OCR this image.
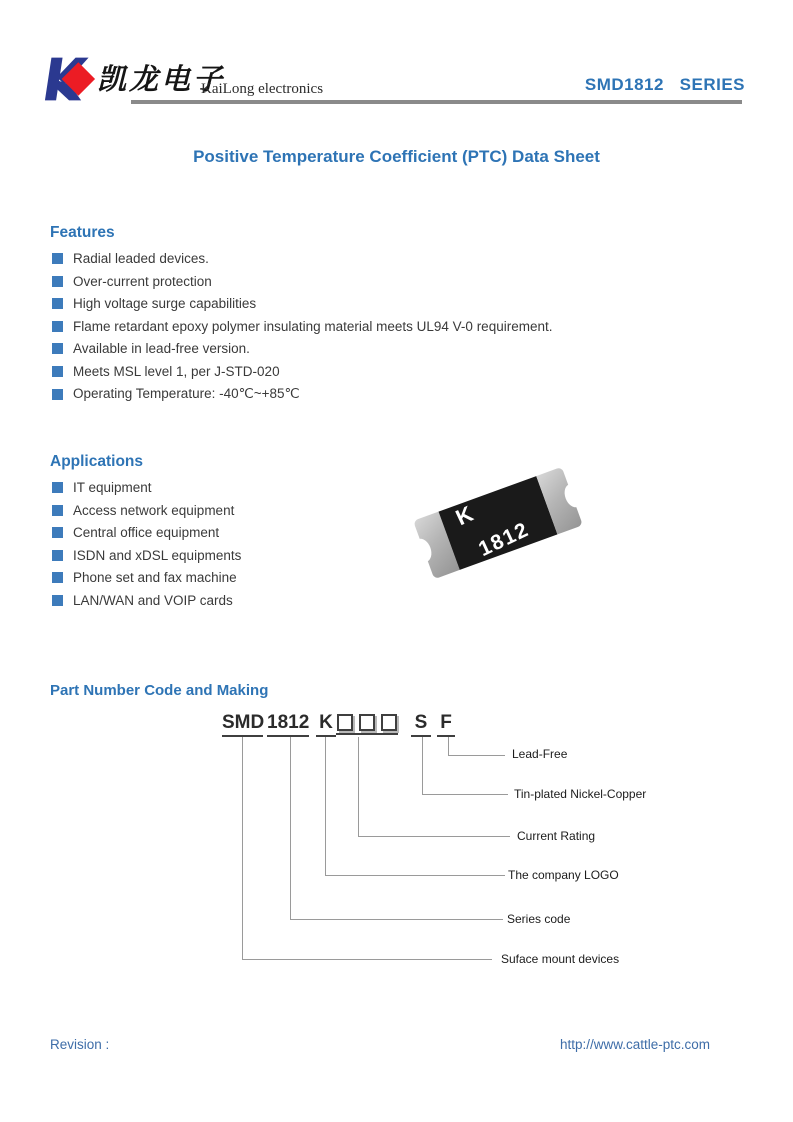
凯龙电子
KaiLong electronics	SMD1812   SERIES
Positive Temperature Coefficient (PTC) Data Sheet
Features
Radial leaded devices.
Over-current protection
High voltage surge capabilities
Flame retardant epoxy polymer insulating material meets UL94 V-0 requirement.
Available in lead-free version.
Meets MSL level 1, per J-STD-020
Operating Temperature: -40℃~+85℃
Applications
IT equipment
Access network equipment
Central office equipment
ISDN and xDSL equipments
Phone set and fax machine
LAN/WAN and VOIP cards
K
1812
Part Number Code and Making
SMD 1812 K	S F
Lead-Free
Tin-plated Nickel-Copper
Current Rating
The company LOGO
Series code
Suface mount devices
Revision :	http://www.cattle-ptc.com
